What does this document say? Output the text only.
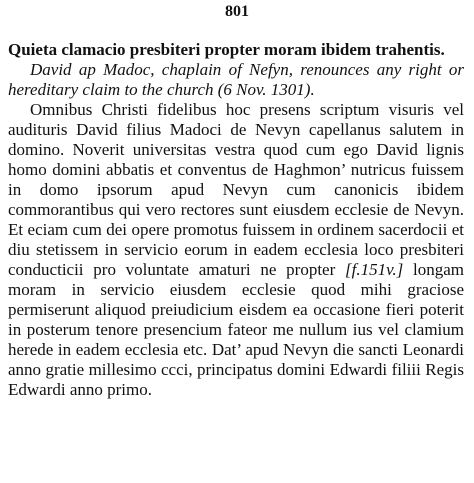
801

Quieta clamacio presbiteri propter moram ibidem trahentis.

David ap Madoc, chaplain of Nefyn, renounces any right or hereditary claim to the church (6 Nov. 1301).

Omnibus Christi fidelibus hoc presens scriptum visuris vel audituris David filius Madoci de Nevyn capellanus salutem in domino. Noverit universitas vestra quod cum ego David lignis homo domini abbatis et conventus de Haghmon’ nutricus fuissem in domo ipsorum apud Nevyn cum canonicis ibidem commorantibus qui vero rectores sunt eiusdem ecclesie de Nevyn. Et eciam cum dei opere promotus fuissem in ordinem sacerdocii et diu stetissem in servicio eorum in eadem ecclesia loco presbiteri conducticii pro voluntate amaturi ne propter [f.151v.] longam moram in servicio eiusdem ecclesie quod mihi graciose permiserunt aliquod preiudicium eisdem ea occasione fieri poterit in posterum tenore presencium fateor me nullum ius vel clamium herede in eadem ecclesia etc. Dat’ apud Nevyn die sancti Leonardi anno gratie millesimo ccci, principatus domini Edwardi filiii Regis Edwardi anno primo.
